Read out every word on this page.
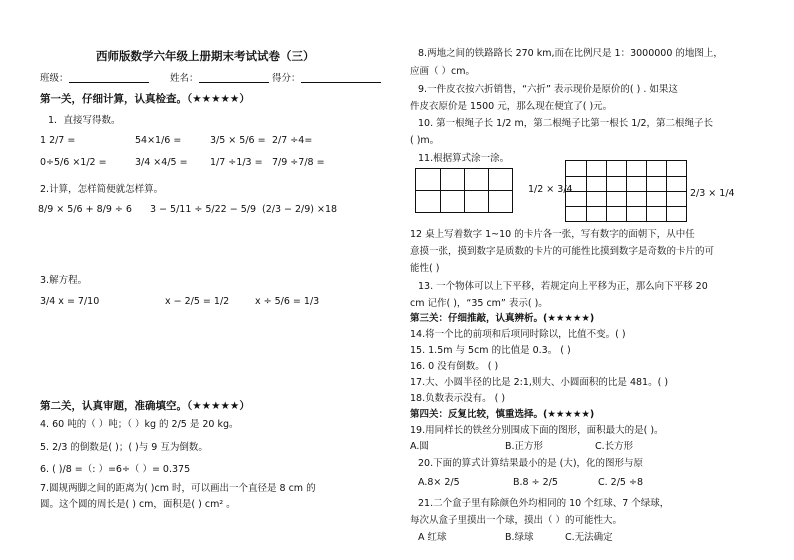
西师版数学六年级上册期末考试试卷（三）
班级：	姓名：	得分：
第一关，仔细计算，认真检查。（★★★★★）
1．直接写得数。
1 2/7 =	54×1/6 =	3/5 × 5/6 = 2/7 ÷4=
0÷5/6 ×1/2 =	3/4 ×4/5 = 1/7 ÷1/3 = 7/9 ÷7/8 =
2.计算，怎样简便就怎样算。
8/9 × 5/6 + 8/9 ÷ 6 3 − 5/11 ÷ 5/22 − 5/9 (2/3 − 2/9) ×18
3.解方程。
3/4 x = 7/10	x − 2/5 = 1/2	x ÷ 5/6 = 1/3
第二关，认真审题，准确填空。（★★★★★）
4. 60 吨的（ ）吨；（ ）kg 的 2/5 是 20 kg。
5. 2/3 的倒数是( )；( )与 9 互为倒数。
6. ( )/8 =（: ）=6÷（ ）= 0.375
7.圆规两脚之间的距离为( )cm 时，可以画出一个直径是 8 cm 的
圆。这个圆的周长是( ) cm，面积是( ) cm² 。
8.两地之间的铁路路长 270 km,而在比例尺是 1：3000000 的地图上，
应画（ ）cm。
9.一件皮衣按六折销售，“六折” 表示现价是原价的( ) . 如果这
件皮衣原价是 1500 元，那么现在便宜了( )元。
10. 第一根绳子长 1/2 m，第二根绳子比第一根长 1/2，第二根绳子长
( )m。
11.根据算式涂一涂。
1/2 × 3/4	2/3 × 1/4
12 桌上写着数字 1~10 的卡片各一张，写有数字的面朝下，从中任
意摸一张，摸到数字是质数的卡片的可能性比摸到数字是奇数的卡片的可
能性( )
13. 一个物体可以上下平移，若规定向上平移为正，那么向下平移 20
cm 记作( )，“35 cm” 表示( )。
第三关：仔细推敲，认真辨析。(★★★★★)
14.将一个比的前项和后项同时除以，比值不变。( )
15. 1.5m 与 5cm 的比值是 0.3。 ( )
16. 0 没有倒数。 ( )
17.大、小圆半径的比是 2:1,则大、小圆面积的比是 481。( )
18.负数表示没有。 ( )
第四关：反复比较，慎重选择。(★★★★★)
19.用同样长的铁丝分别围成下面的图形，面积最大的是( )。
A.圆	B.正方形	C.长方形
20.下面的算式计算结果最小的是 (大)，化的图形与原
A.8× 2/5	B.8 ÷ 2/5	C. 2/5 ÷8
21.二个盒子里有除颜色外均相同的 10 个红球、7 个绿球，
每次从盒子里摸出一个球，摸出（ ）的可能性大。
A 红球	B.绿球	C.无法确定
